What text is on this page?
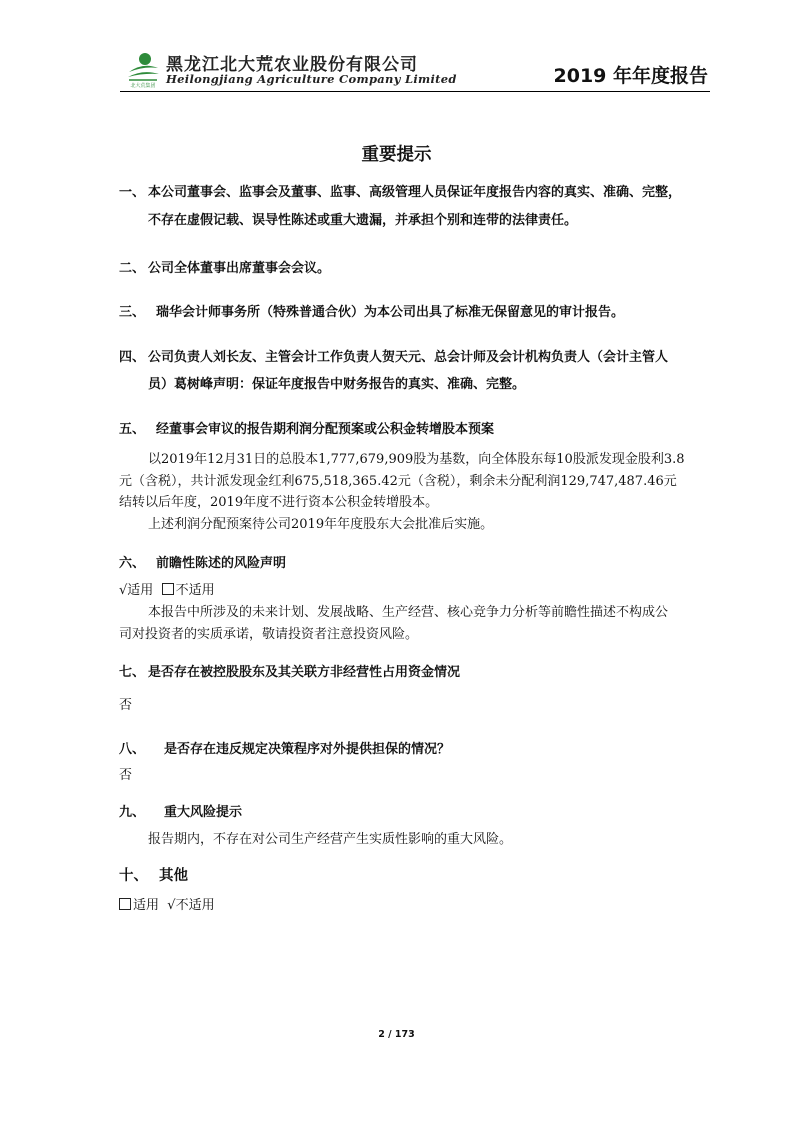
北大荒集团
黑龙江北大荒农业股份有限公司
Heilongjiang Agriculture Company Limited	2019 年年度报告
重要提示
一、 本公司董事会、监事会及董事、监事、高级管理人员保证年度报告内容的真实、准确、完整，
不存在虚假记载、误导性陈述或重大遗漏，并承担个别和连带的法律责任。
二、 公司全体董事出席董事会会议。
三、 瑞华会计师事务所（特殊普通合伙）为本公司出具了标准无保留意见的审计报告。
四、 公司负责人刘长友、主管会计工作负责人贺天元、总会计师及会计机构负责人（会计主管人
员）葛树峰声明：保证年度报告中财务报告的真实、准确、完整。
五、 经董事会审议的报告期利润分配预案或公积金转增股本预案
以2019年12月31日的总股本1,777,679,909股为基数，向全体股东每10股派发现金股利3.8
元（含税），共计派发现金红利675,518,365.42元（含税），剩余未分配利润129,747,487.46元
结转以后年度，2019年度不进行资本公积金转增股本。
上述利润分配预案待公司2019年年度股东大会批准后实施。
六、 前瞻性陈述的风险声明
√适用 不适用
本报告中所涉及的未来计划、发展战略、生产经营、核心竞争力分析等前瞻性描述不构成公
司对投资者的实质承诺，敬请投资者注意投资风险。
七、 是否存在被控股股东及其关联方非经营性占用资金情况
否
八、 是否存在违反规定决策程序对外提供担保的情况？
否
九、 重大风险提示
报告期内，不存在对公司生产经营产生实质性影响的重大风险。
十、 其他
适用 √不适用
2 / 173
